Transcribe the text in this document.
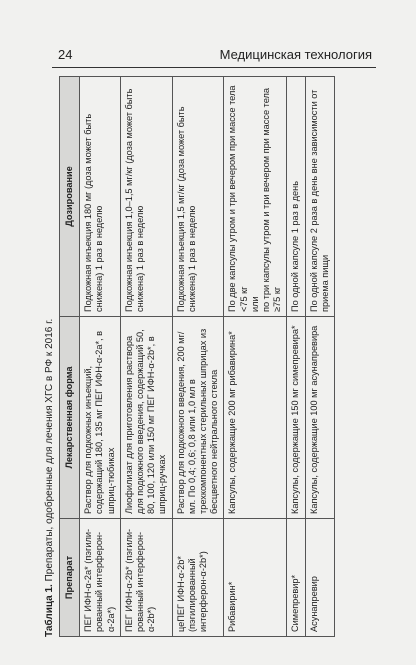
24	Медицинская технология
Таблица 1. Препараты, одобренные для лечения ХГС в РФ к 2016 г. Препарат	Лекарственная форма	Дозирование
ПЕГ ИФН-α-2а* (пэгили-рованный интерферон-α-2а*)	Раствор для подкожных инъекций, содержащий 180, 135 мг ПЕГ ИФН-α-2а*, в шприц-тюбиках	Подкожная инъекция 180 мг (доза может быть снижена) 1 раз в неделю

ПЕГ ИФН-α-2b* (пэгили-рованный интерферон-α-2b*)	Лиофилизат для приготовления раствора для подкожного введения, содержащий 50, 80, 100, 120 или 150 мг ПЕГ ИФН-α-2b*, в шприц-ручках	Подкожная инъекция 1,0–1,5 мг/кг (доза может быть снижена) 1 раз в неделю

цеПЕГ ИФН-α-2b* (пэгилированный интерферон-α-2b*)	Раствор для подкожного введения, 200 мг/мл. По 0,4; 0,6; 0,8 или 1,0 мл в трехкомпонентных стерильных шприцах из бесцветного нейтрального стекла	Подкожная инъекция 1,5 мг/кг (доза может быть снижена) 1 раз в неделю

Рибавирин*	Капсулы, содержащие 200 мг рибавирина*	По две капсулы утром и три вечером при массе тела <75 кг или по три капсулы утром и три вечером при массе тела ≥75 кг

Симепревир*	Капсулы, содержащие 150 мг симепревира*	По одной капсуле 1 раз в день

Асунапревир	Капсулы, содержащие 100 мг асунапревира	По одной капсуле 2 раза в день вне зависимости от приема пищи
